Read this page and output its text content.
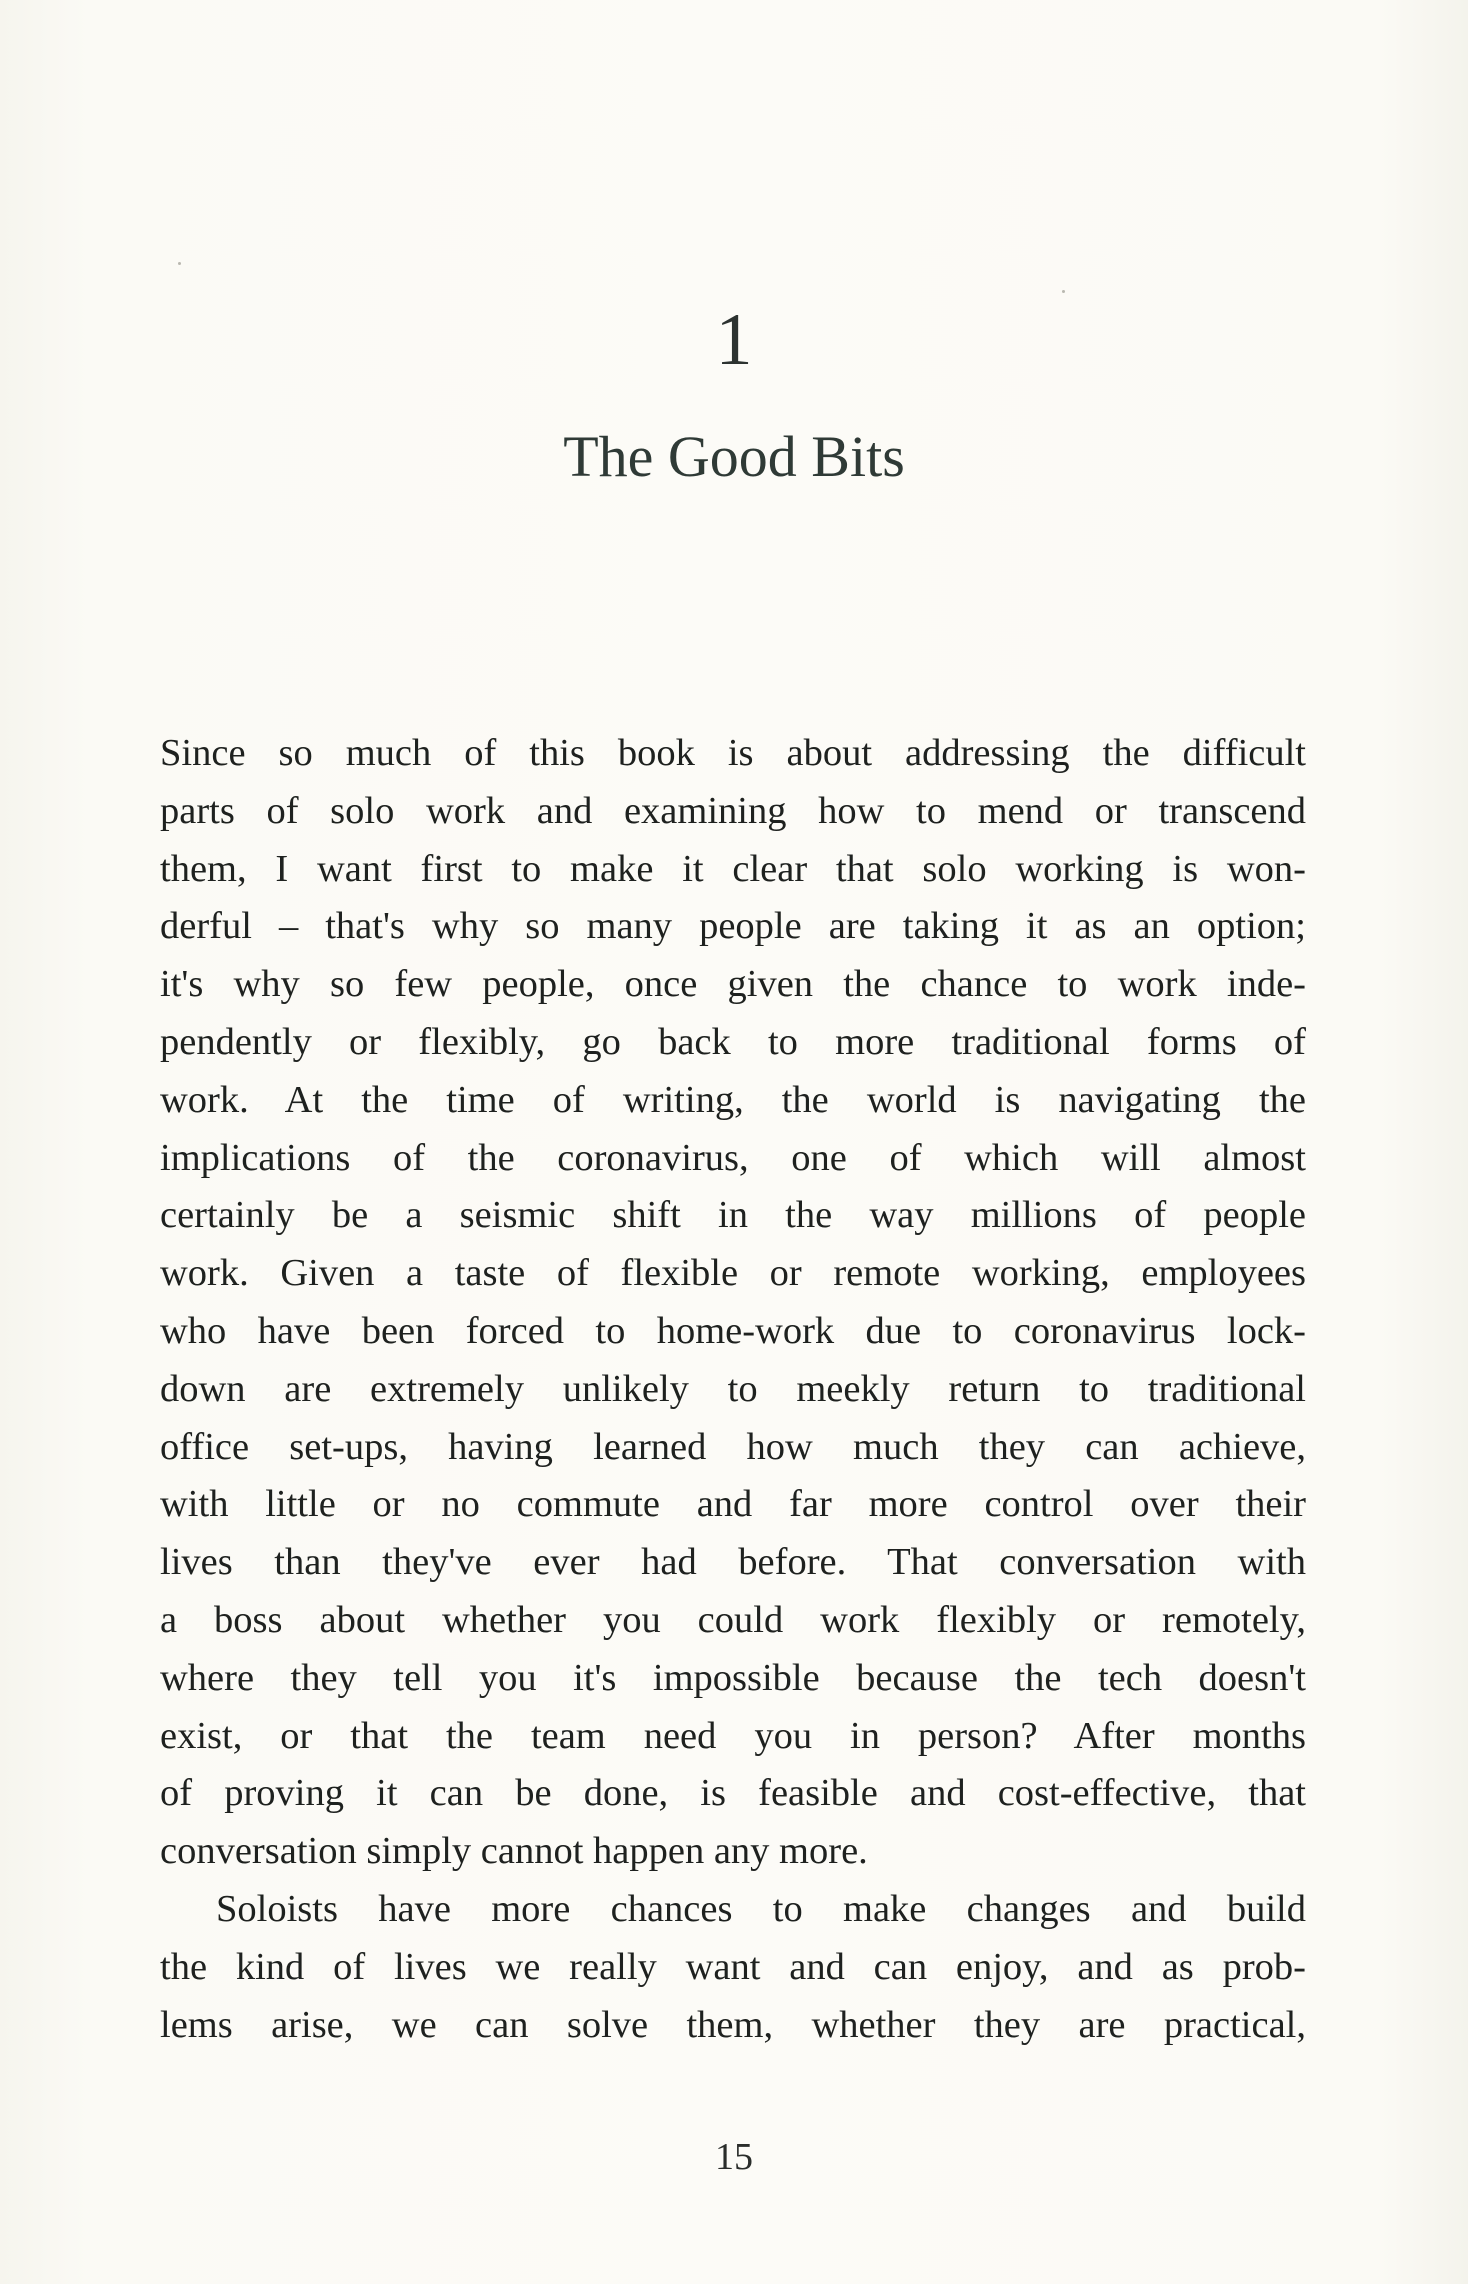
1
The Good Bits
Since so much of this book is about addressing the difficult
parts of solo work and examining how to mend or transcend
them, I want first to make it clear that solo working is won-
derful – that's why so many people are taking it as an option;
it's why so few people, once given the chance to work inde-
pendently or flexibly, go back to more traditional forms of
work. At the time of writing, the world is navigating the
implications of the coronavirus, one of which will almost
certainly be a seismic shift in the way millions of people
work. Given a taste of flexible or remote working, employees
who have been forced to home-work due to coronavirus lock-
down are extremely unlikely to meekly return to traditional
office set-ups, having learned how much they can achieve,
with little or no commute and far more control over their
lives than they've ever had before. That conversation with
a boss about whether you could work flexibly or remotely,
where they tell you it's impossible because the tech doesn't
exist, or that the team need you in person? After months
of proving it can be done, is feasible and cost-effective, that
conversation simply cannot happen any more.
Soloists have more chances to make changes and build
the kind of lives we really want and can enjoy, and as prob-
lems arise, we can solve them, whether they are practical,
15
